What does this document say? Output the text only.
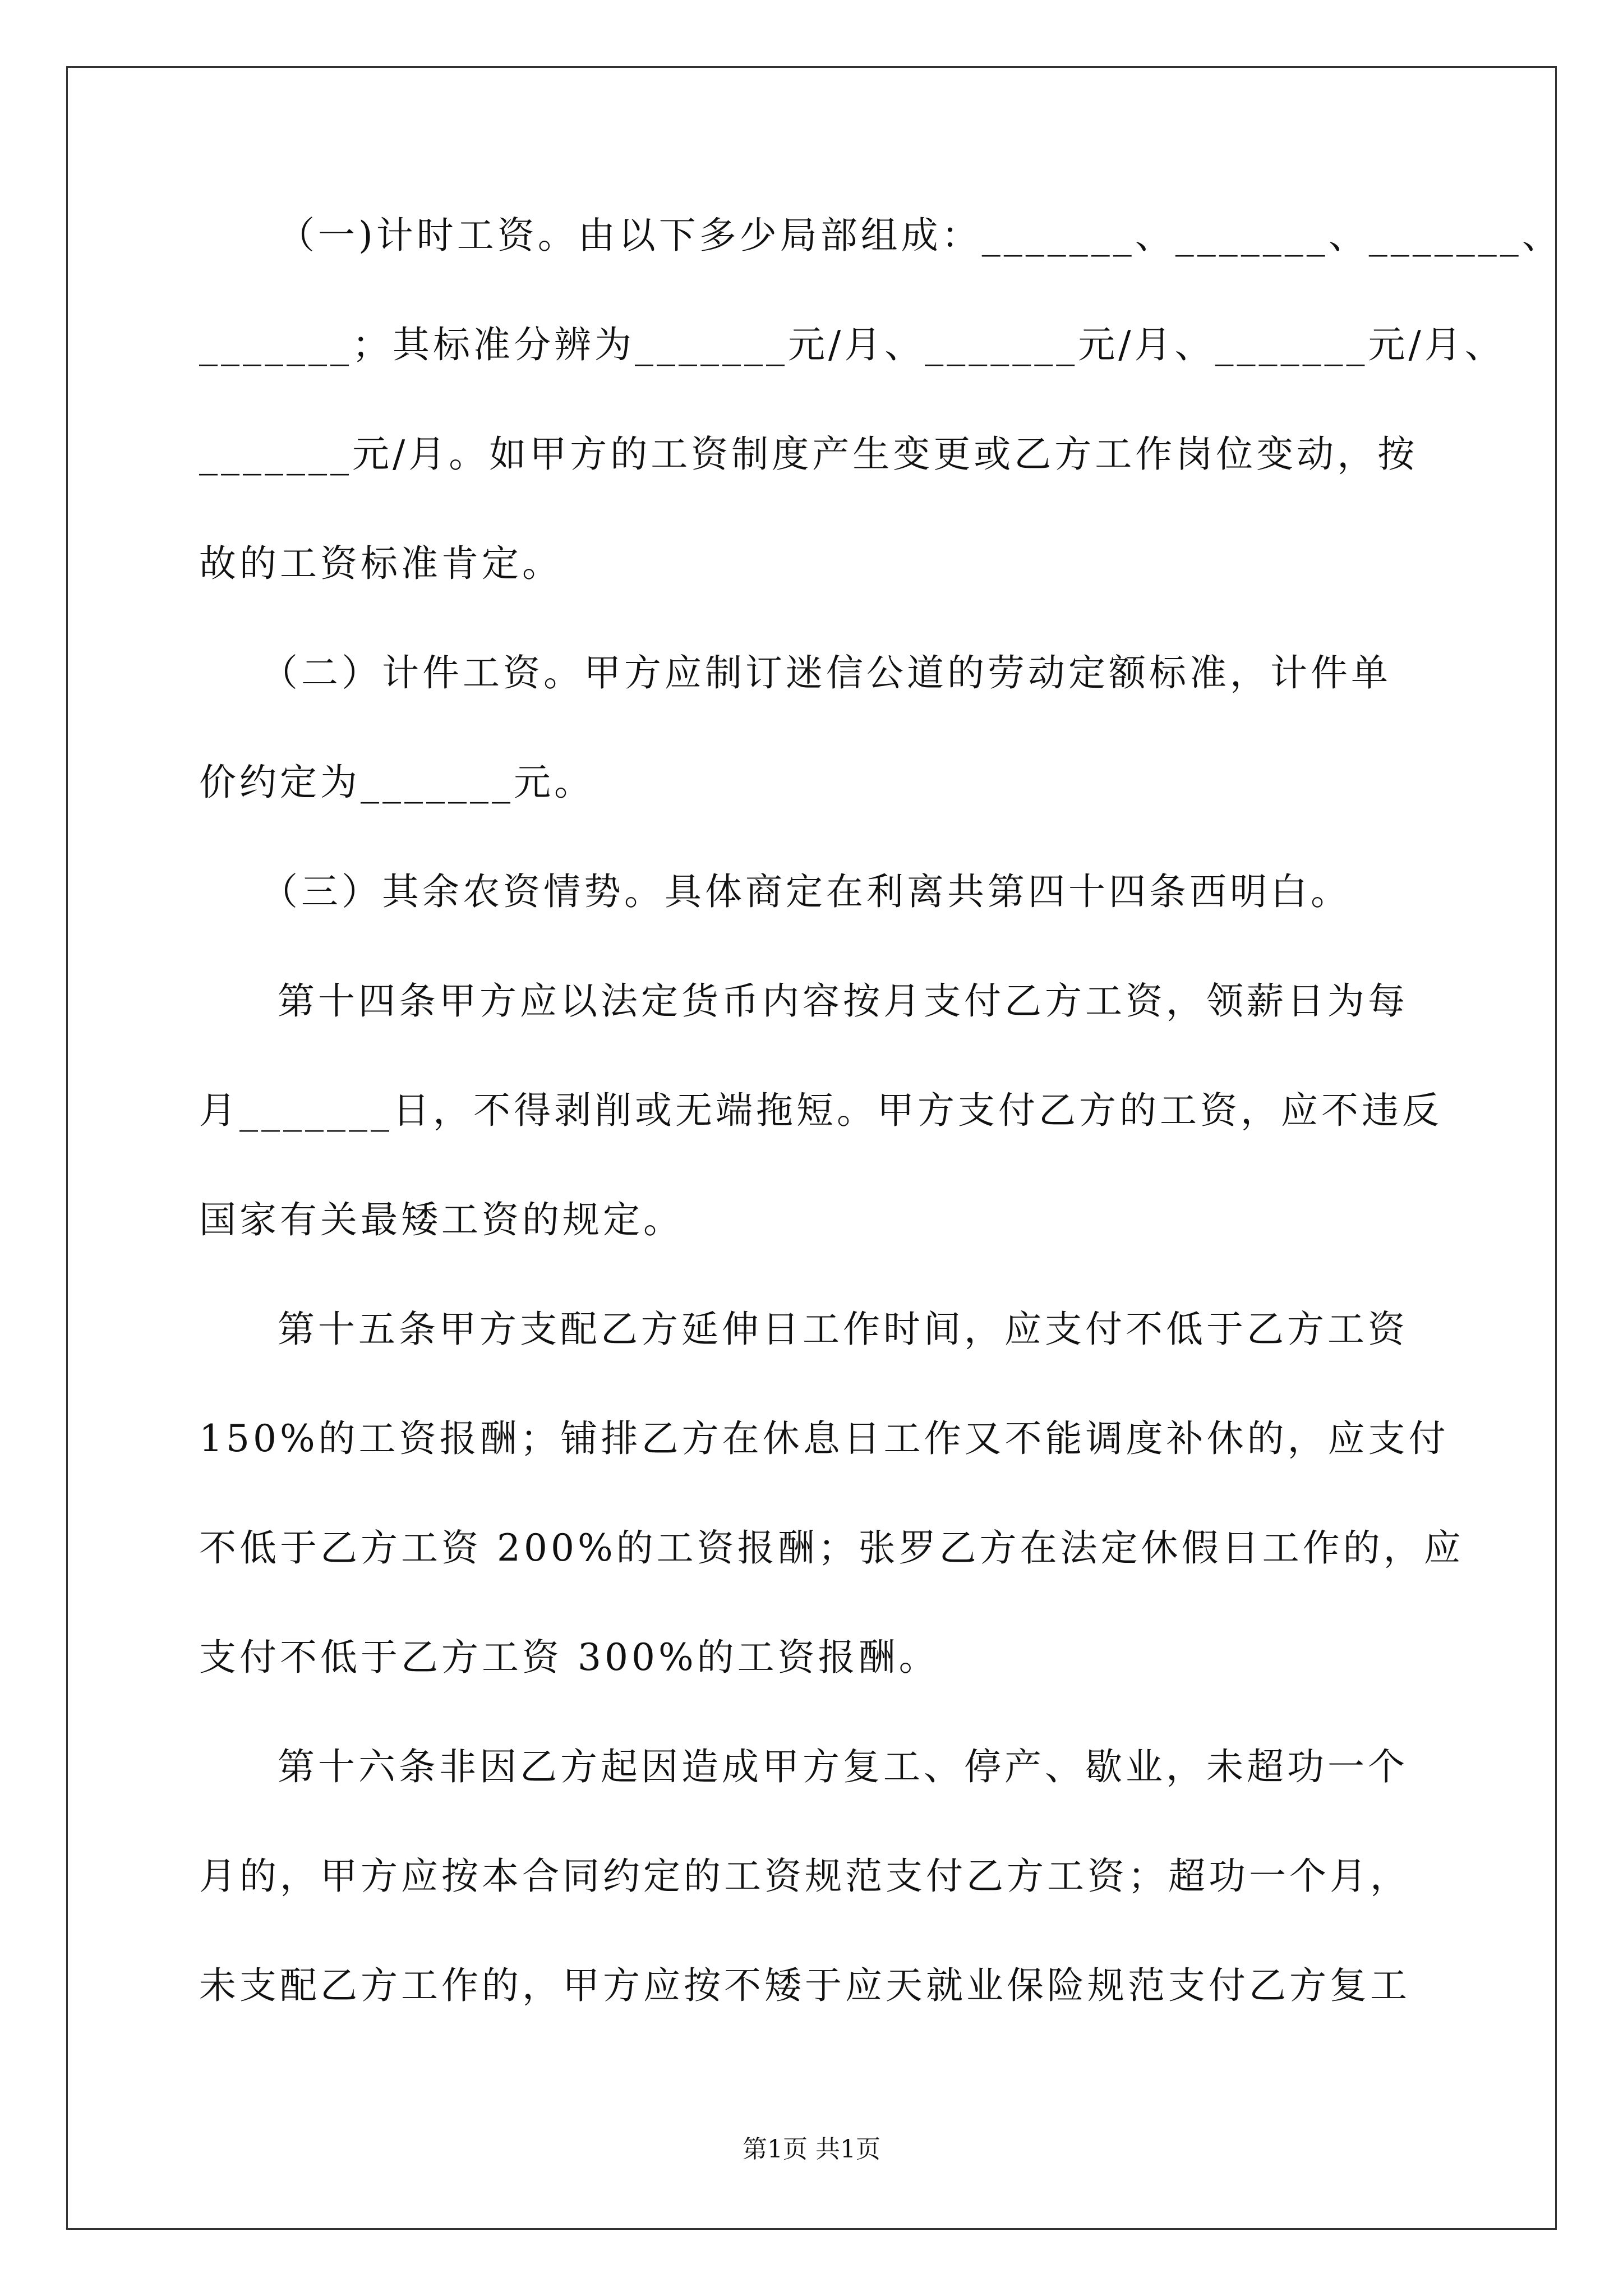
（一)计时工资。由以下多少局部组成：_______、_______、_______、
_______；其标准分辨为_______元/月、_______元/月、_______元/月、
_______元/月。如甲方的工资制度产生变更或乙方工作岗位变动，按
故的工资标准肯定。
（二）计件工资。甲方应制订迷信公道的劳动定额标准，计件单
价约定为_______元。
（三）其余农资情势。具体商定在利离共第四十四条西明白。
第十四条甲方应以法定货币内容按月支付乙方工资，领薪日为每
月_______日，不得剥削或无端拖短。甲方支付乙方的工资，应不违反
国家有关最矮工资的规定。
第十五条甲方支配乙方延伸日工作时间，应支付不低于乙方工资
150%的工资报酬；铺排乙方在休息日工作又不能调度补休的，应支付
不低于乙方工资 200%的工资报酬；张罗乙方在法定休假日工作的，应
支付不低于乙方工资 300%的工资报酬。
第十六条非因乙方起因造成甲方复工、停产、歇业，未超功一个
月的，甲方应按本合同约定的工资规范支付乙方工资；超功一个月，
未支配乙方工作的，甲方应按不矮于应天就业保险规范支付乙方复工
第1页 共1页
